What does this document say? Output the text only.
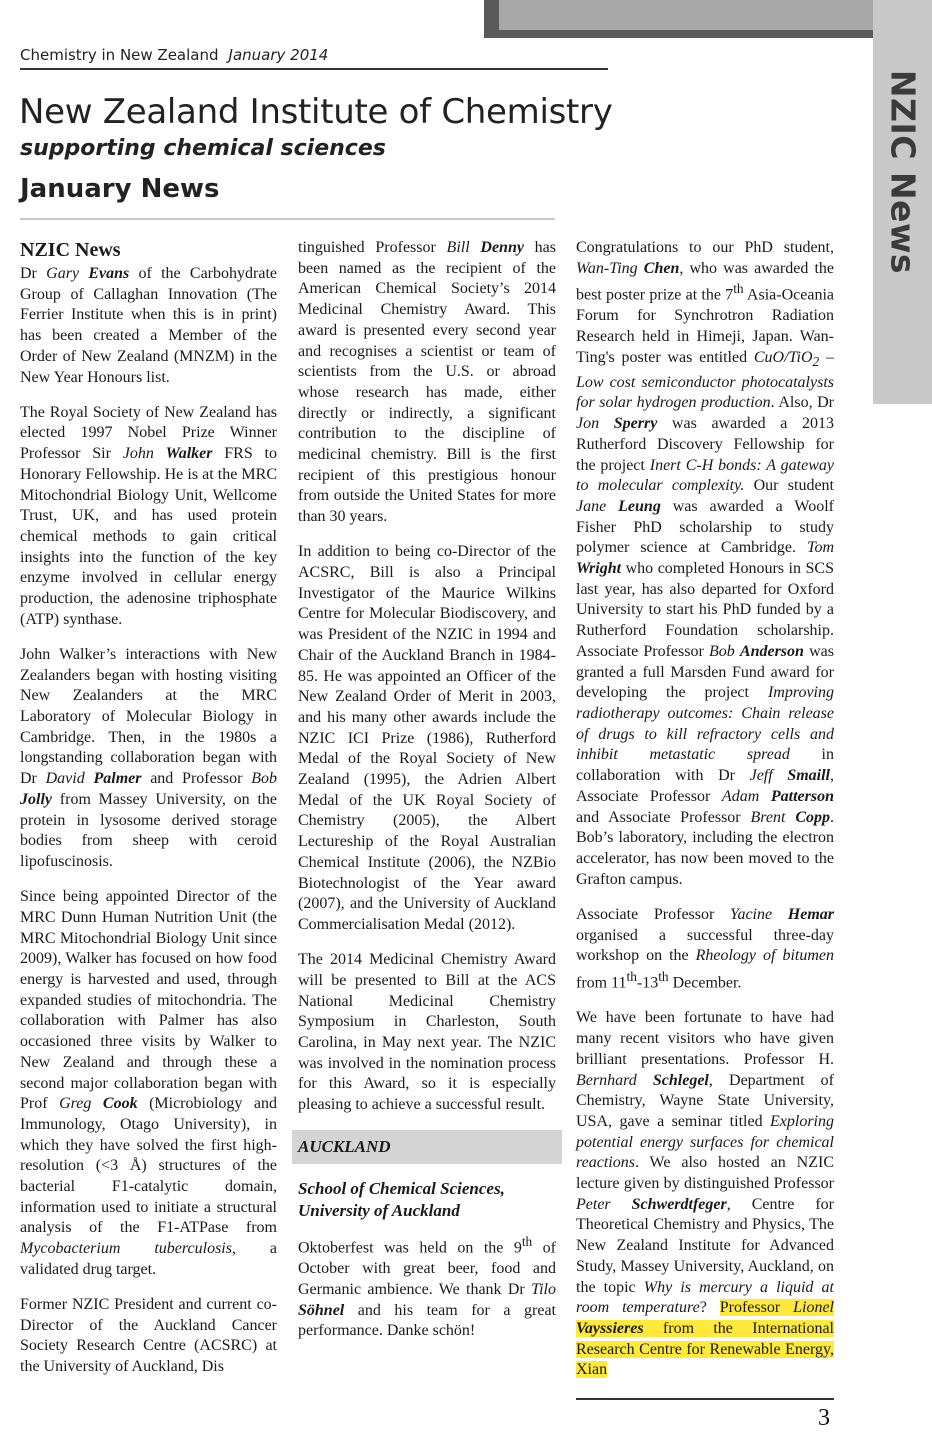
NZIC News
Chemistry in New Zealand January 2014
New Zealand Institute of Chemistry
supporting chemical sciences
January News
NZIC News

Dr Gary Evans of the Carbohydrate Group of Callaghan Innovation (The Ferrier Institute when this is in print) has been created a Member of the Order of New Zealand (MNZM) in the New Year Honours list.

The Royal Society of New Zealand has elected 1997 Nobel Prize Winner Professor Sir John Walker FRS to Honorary Fellowship. He is at the MRC Mitochondrial Biology Unit, Wellcome Trust, UK, and has used protein chemical methods to gain critical insights into the function of the key enzyme involved in cellular energy production, the adenosine triphosphate (ATP) synthase.

John Walker’s interactions with New Zealanders began with hosting visiting New Zealanders at the MRC Laboratory of Molecular Biology in Cambridge. Then, in the 1980s a longstanding collaboration began with Dr David Palmer and Professor Bob Jolly from Massey University, on the protein in lysosome derived storage bodies from sheep with ceroid lipofuscinosis.

Since being appointed Director of the MRC Dunn Human Nutrition Unit (the MRC Mitochondrial Biology Unit since 2009), Walker has focused on how food energy is harvested and used, through expanded studies of mitochondria. The collaboration with Palmer has also occasioned three visits by Walker to New Zealand and through these a second major collaboration began with Prof Greg Cook (Microbiology and Immunology, Otago University), in which they have solved the first high-resolution (<3 Å) structures of the bacterial F1-catalytic domain, information used to initiate a structural analysis of the F1-ATPase from Mycobacterium tuberculosis, a validated drug target.

Former NZIC President and current co-Director of the Auckland Cancer Society Research Centre (ACSRC) at the University of Auckland, Dis

tinguished Professor Bill Denny has been named as the recipient of the American Chemical Society’s 2014 Medicinal Chemistry Award. This award is presented every second year and recognises a scientist or team of scientists from the U.S. or abroad whose research has made, either directly or indirectly, a significant contribution to the discipline of medicinal chemistry. Bill is the first recipient of this prestigious honour from outside the United States for more than 30 years.

In addition to being co-Director of the ACSRC, Bill is also a Principal Investigator of the Maurice Wilkins Centre for Molecular Biodiscovery, and was President of the NZIC in 1994 and Chair of the Auckland Branch in 1984-85. He was appointed an Officer of the New Zealand Order of Merit in 2003, and his many other awards include the NZIC ICI Prize (1986), Rutherford Medal of the Royal Society of New Zealand (1995), the Adrien Albert Medal of the UK Royal Society of Chemistry (2005), the Albert Lectureship of the Royal Australian Chemical Institute (2006), the NZBio Biotechnologist of the Year award (2007), and the University of Auckland Commercialisation Medal (2012).

The 2014 Medicinal Chemistry Award will be presented to Bill at the ACS National Medicinal Chemistry Symposium in Charleston, South Carolina, in May next year. The NZIC was involved in the nomination process for this Award, so it is especially pleasing to achieve a successful result.

AUCKLAND
School of Chemical Sciences,
University of Auckland

Oktoberfest was held on the 9th of October with great beer, food and Germanic ambience. We thank Dr Tilo Söhnel and his team for a great performance. Danke schön!

Congratulations to our PhD student, Wan-Ting Chen, who was awarded the best poster prize at the 7th Asia-Oceania Forum for Synchrotron Radiation Research held in Himeji, Japan. Wan-Ting's poster was entitled CuO/TiO$_2$ – Low cost semiconductor photocatalysts for solar hydrogen production. Also, Dr Jon Sperry was awarded a 2013 Rutherford Discovery Fellowship for the project Inert C-H bonds: A gateway to molecular complexity. Our student Jane Leung was awarded a Woolf Fisher PhD scholarship to study polymer science at Cambridge. Tom Wright who completed Honours in SCS last year, has also departed for Oxford University to start his PhD funded by a Rutherford Foundation scholarship. Associate Professor Bob Anderson was granted a full Marsden Fund award for developing the project Improving radiotherapy outcomes: Chain release of drugs to kill refractory cells and inhibit metastatic spread in collaboration with Dr Jeff Smaill, Associate Professor Adam Patterson and Associate Professor Brent Copp. Bob’s laboratory, including the electron accelerator, has now been moved to the Grafton campus.

Associate Professor Yacine Hemar organised a successful three-day workshop on the Rheology of bitumen from 11th-13th December.

We have been fortunate to have had many recent visitors who have given brilliant presentations. Professor H. Bernhard Schlegel, Department of Chemistry, Wayne State University, USA, gave a seminar titled Exploring potential energy surfaces for chemical reactions. We also hosted an NZIC lecture given by distinguished Professor Peter Schwerdtfeger, Centre for Theoretical Chemistry and Physics, The New Zealand Institute for Advanced Study, Massey University, Auckland, on the topic Why is mercury a liquid at room temperature? Professor Lionel Vayssieres from the International Research Centre for Renewable Energy, Xian

3
